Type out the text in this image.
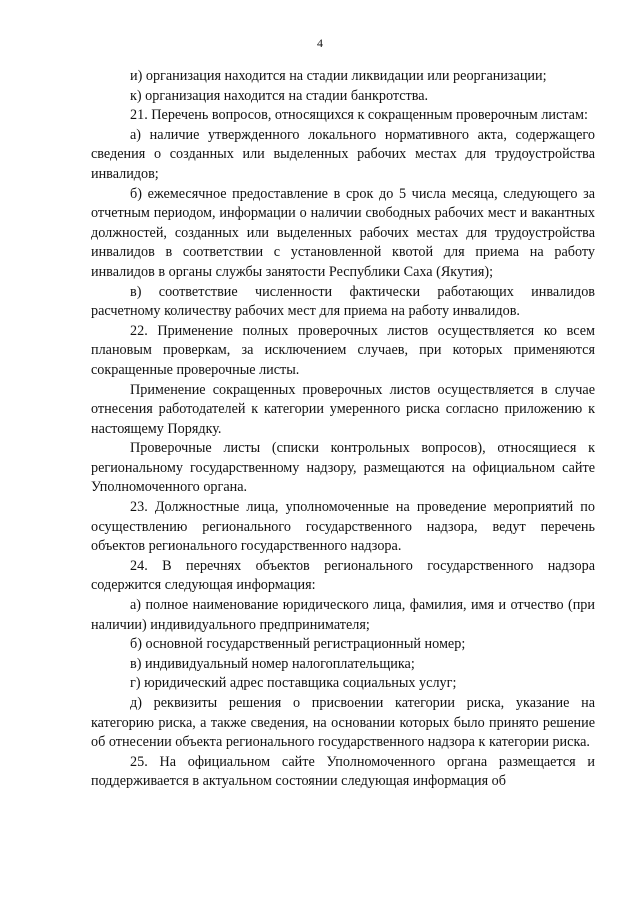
4

и) организация находится на стадии ликвидации или реорганизации;

к) организация находится на стадии банкротства.

21. Перечень вопросов, относящихся к сокращенным проверочным листам:

а) наличие утвержденного локального нормативного акта, содержащего сведения о созданных или выделенных рабочих местах для трудоустройства инвалидов;

б) ежемесячное предоставление в срок до 5 числа месяца, следующего за отчетным периодом, информации о наличии свободных рабочих мест и вакантных должностей, созданных или выделенных рабочих местах для трудоустройства инвалидов в соответствии с установленной квотой для приема на работу инвалидов в органы службы занятости Республики Саха (Якутия);

в) соответствие численности фактически работающих инвалидов расчетному количеству рабочих мест для приема на работу инвалидов.

22. Применение полных проверочных листов осуществляется ко всем плановым проверкам, за исключением случаев, при которых применяются сокращенные проверочные листы.

Применение сокращенных проверочных листов осуществляется в случае отнесения работодателей к категории умеренного риска согласно приложению к настоящему Порядку.

Проверочные листы (списки контрольных вопросов), относящиеся к региональному государственному надзору, размещаются на официальном сайте Уполномоченного органа.

23. Должностные лица, уполномоченные на проведение мероприятий по осуществлению регионального государственного надзора, ведут перечень объектов регионального государственного надзора.

24. В перечнях объектов регионального государственного надзора содержится следующая информация:

а) полное наименование юридического лица, фамилия, имя и отчество (при наличии) индивидуального предпринимателя;

б) основной государственный регистрационный номер;

в) индивидуальный номер налогоплательщика;

г) юридический адрес поставщика социальных услуг;

д) реквизиты решения о присвоении категории риска, указание на категорию риска, а также сведения, на основании которых было принято решение об отнесении объекта регионального государственного надзора к категории риска.

25. На официальном сайте Уполномоченного органа размещается и поддерживается в актуальном состоянии следующая информация об
